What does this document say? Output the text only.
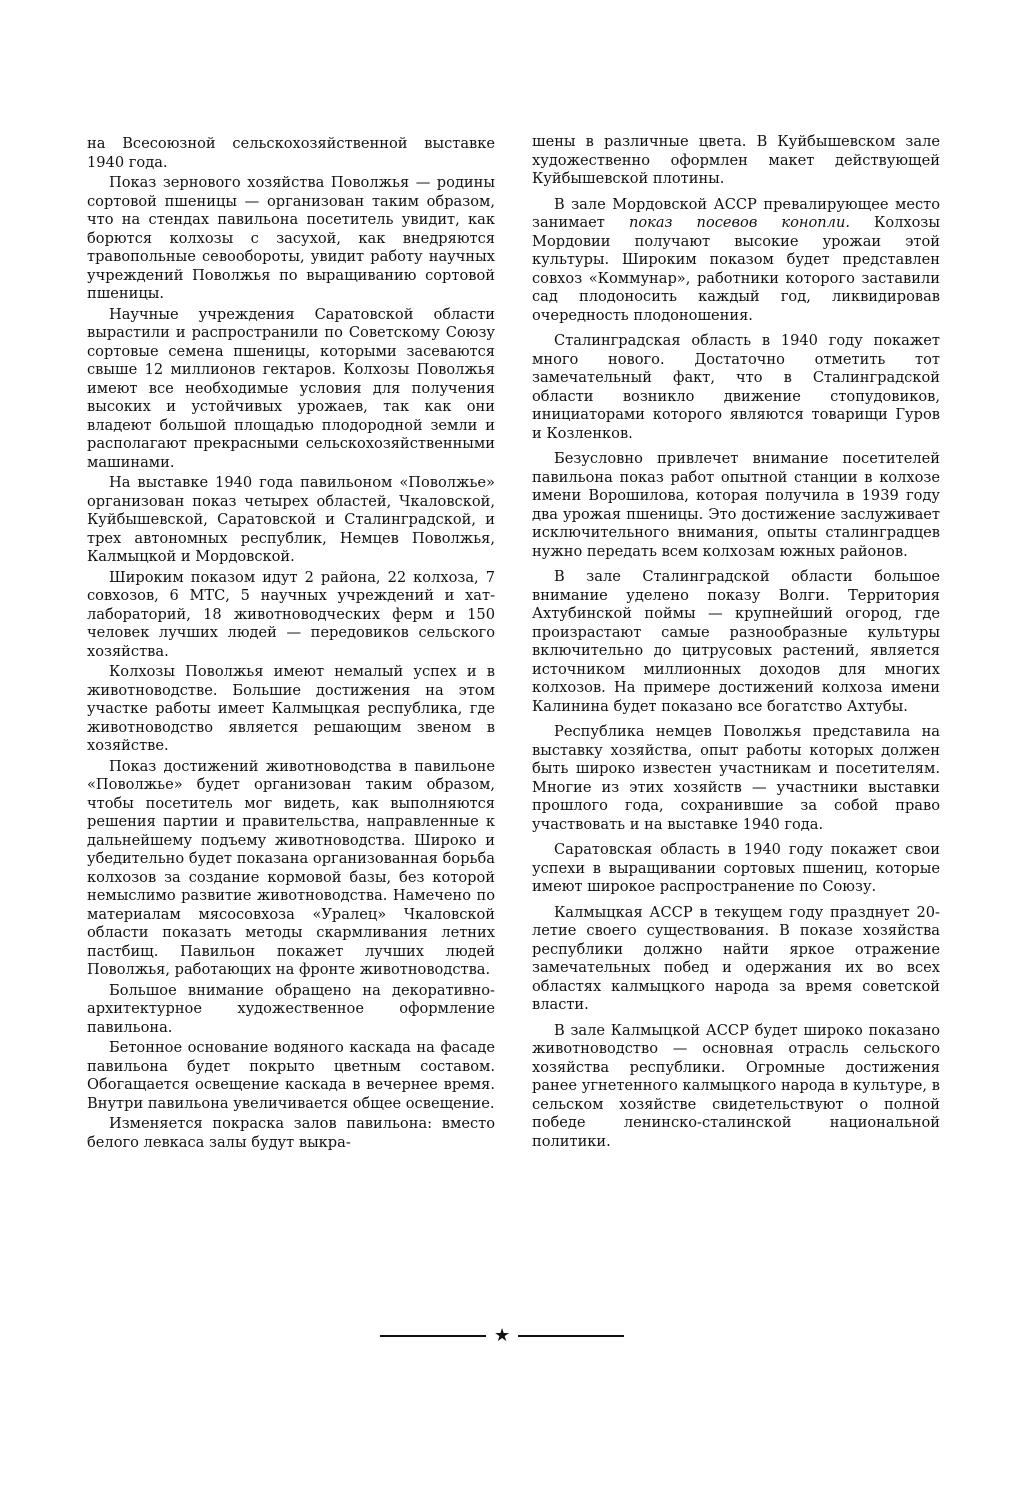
на Всесоюзной сельскохозяйственной выставке 1940 года.

Показ зернового хозяйства Поволжья — родины сортовой пшеницы — организован таким образом, что на стендах павильона посетитель увидит, как борются колхозы с засухой, как внедряются травопольные севообороты, увидит работу научных учреждений Поволжья по выращиванию сортовой пшеницы.

Научные учреждения Саратовской области вырастили и распространили по Советскому Союзу сортовые семена пшеницы, которыми засеваются свыше 12 миллионов гектаров. Колхозы Поволжья имеют все необходимые условия для получения высоких и устойчивых урожаев, так как они владеют большой площадью плодородной земли и располагают прекрасными сельскохозяйственными машинами.

На выставке 1940 года павильоном «Поволжье» организован показ четырех областей, Чкаловской, Куйбышевской, Саратовской и Сталинградской, и трех автономных республик, Немцев Поволжья, Калмыцкой и Мордовской.

Широким показом идут 2 района, 22 колхоза, 7 совхозов, 6 МТС, 5 научных учреждений и хат-лабораторий, 18 животноводческих ферм и 150 человек лучших людей — передовиков сельского хозяйства.

Колхозы Поволжья имеют немалый успех и в животноводстве. Большие достижения на этом участке работы имеет Калмыцкая республика, где животноводство является решающим звеном в хозяйстве.

Показ достижений животноводства в павильоне «Поволжье» будет организован таким образом, чтобы посетитель мог видеть, как выполняются решения партии и правительства, направленные к дальнейшему подъему животноводства. Широко и убедительно будет показана организованная борьба колхозов за создание кормовой базы, без которой немыслимо развитие животноводства. Намечено по материалам мясосовхоза «Уралец» Чкаловской области показать методы скармливания летних пастбищ. Павильон покажет лучших людей Поволжья, работающих на фронте животноводства.

Большое внимание обращено на декоративно-архитектурное художественное оформление павильона.

Бетонное основание водяного каскада на фасаде павильона будет покрыто цветным составом. Обогащается освещение каскада в вечернее время. Внутри павильона увеличивается общее освещение.

Изменяется покраска залов павильона: вместо белого левкаса залы будут выкра-

шены в различные цвета. В Куйбышевском зале художественно оформлен макет действующей Куйбышевской плотины.

В зале Мордовской АССР превалирующее место занимает показ посевов конопли. Колхозы Мордовии получают высокие урожаи этой культуры. Широким показом будет представлен совхоз «Коммунар», работники которого заставили сад плодоносить каждый год, ликвидировав очередность плодоношения.

Сталинградская область в 1940 году покажет много нового. Достаточно отметить тот замечательный факт, что в Сталинградской области возникло движение стопудовиков, инициаторами которого являются товарищи Гуров и Козленков.

Безусловно привлечет внимание посетителей павильона показ работ опытной станции в колхозе имени Ворошилова, которая получила в 1939 году два урожая пшеницы. Это достижение заслуживает исключительного внимания, опыты сталинградцев нужно передать всем колхозам южных районов.

В зале Сталинградской области большое внимание уделено показу Волги. Территория Ахтубинской поймы — крупнейший огород, где произрастают самые разнообразные культуры включительно до цитрусовых растений, является источником миллионных доходов для многих колхозов. На примере достижений колхоза имени Калинина будет показано все богатство Ахтубы.

Республика немцев Поволжья представила на выставку хозяйства, опыт работы которых должен быть широко известен участникам и посетителям. Многие из этих хозяйств — участники выставки прошлого года, сохранившие за собой право участвовать и на выставке 1940 года.

Саратовская область в 1940 году покажет свои успехи в выращивании сортовых пшениц, которые имеют широкое распространение по Союзу.

Калмыцкая АССР в текущем году празднует 20-летие своего существования. В показе хозяйства республики должно найти яркое отражение замечательных побед и одержания их во всех областях калмыцкого народа за время советской власти.

В зале Калмыцкой АССР будет широко показано животноводство — основная отрасль сельского хозяйства республики. Огромные достижения ранее угнетенного калмыцкого народа в культуре, в сельском хозяйстве свидетельствуют о полной победе ленинско-сталинской национальной политики.

★
